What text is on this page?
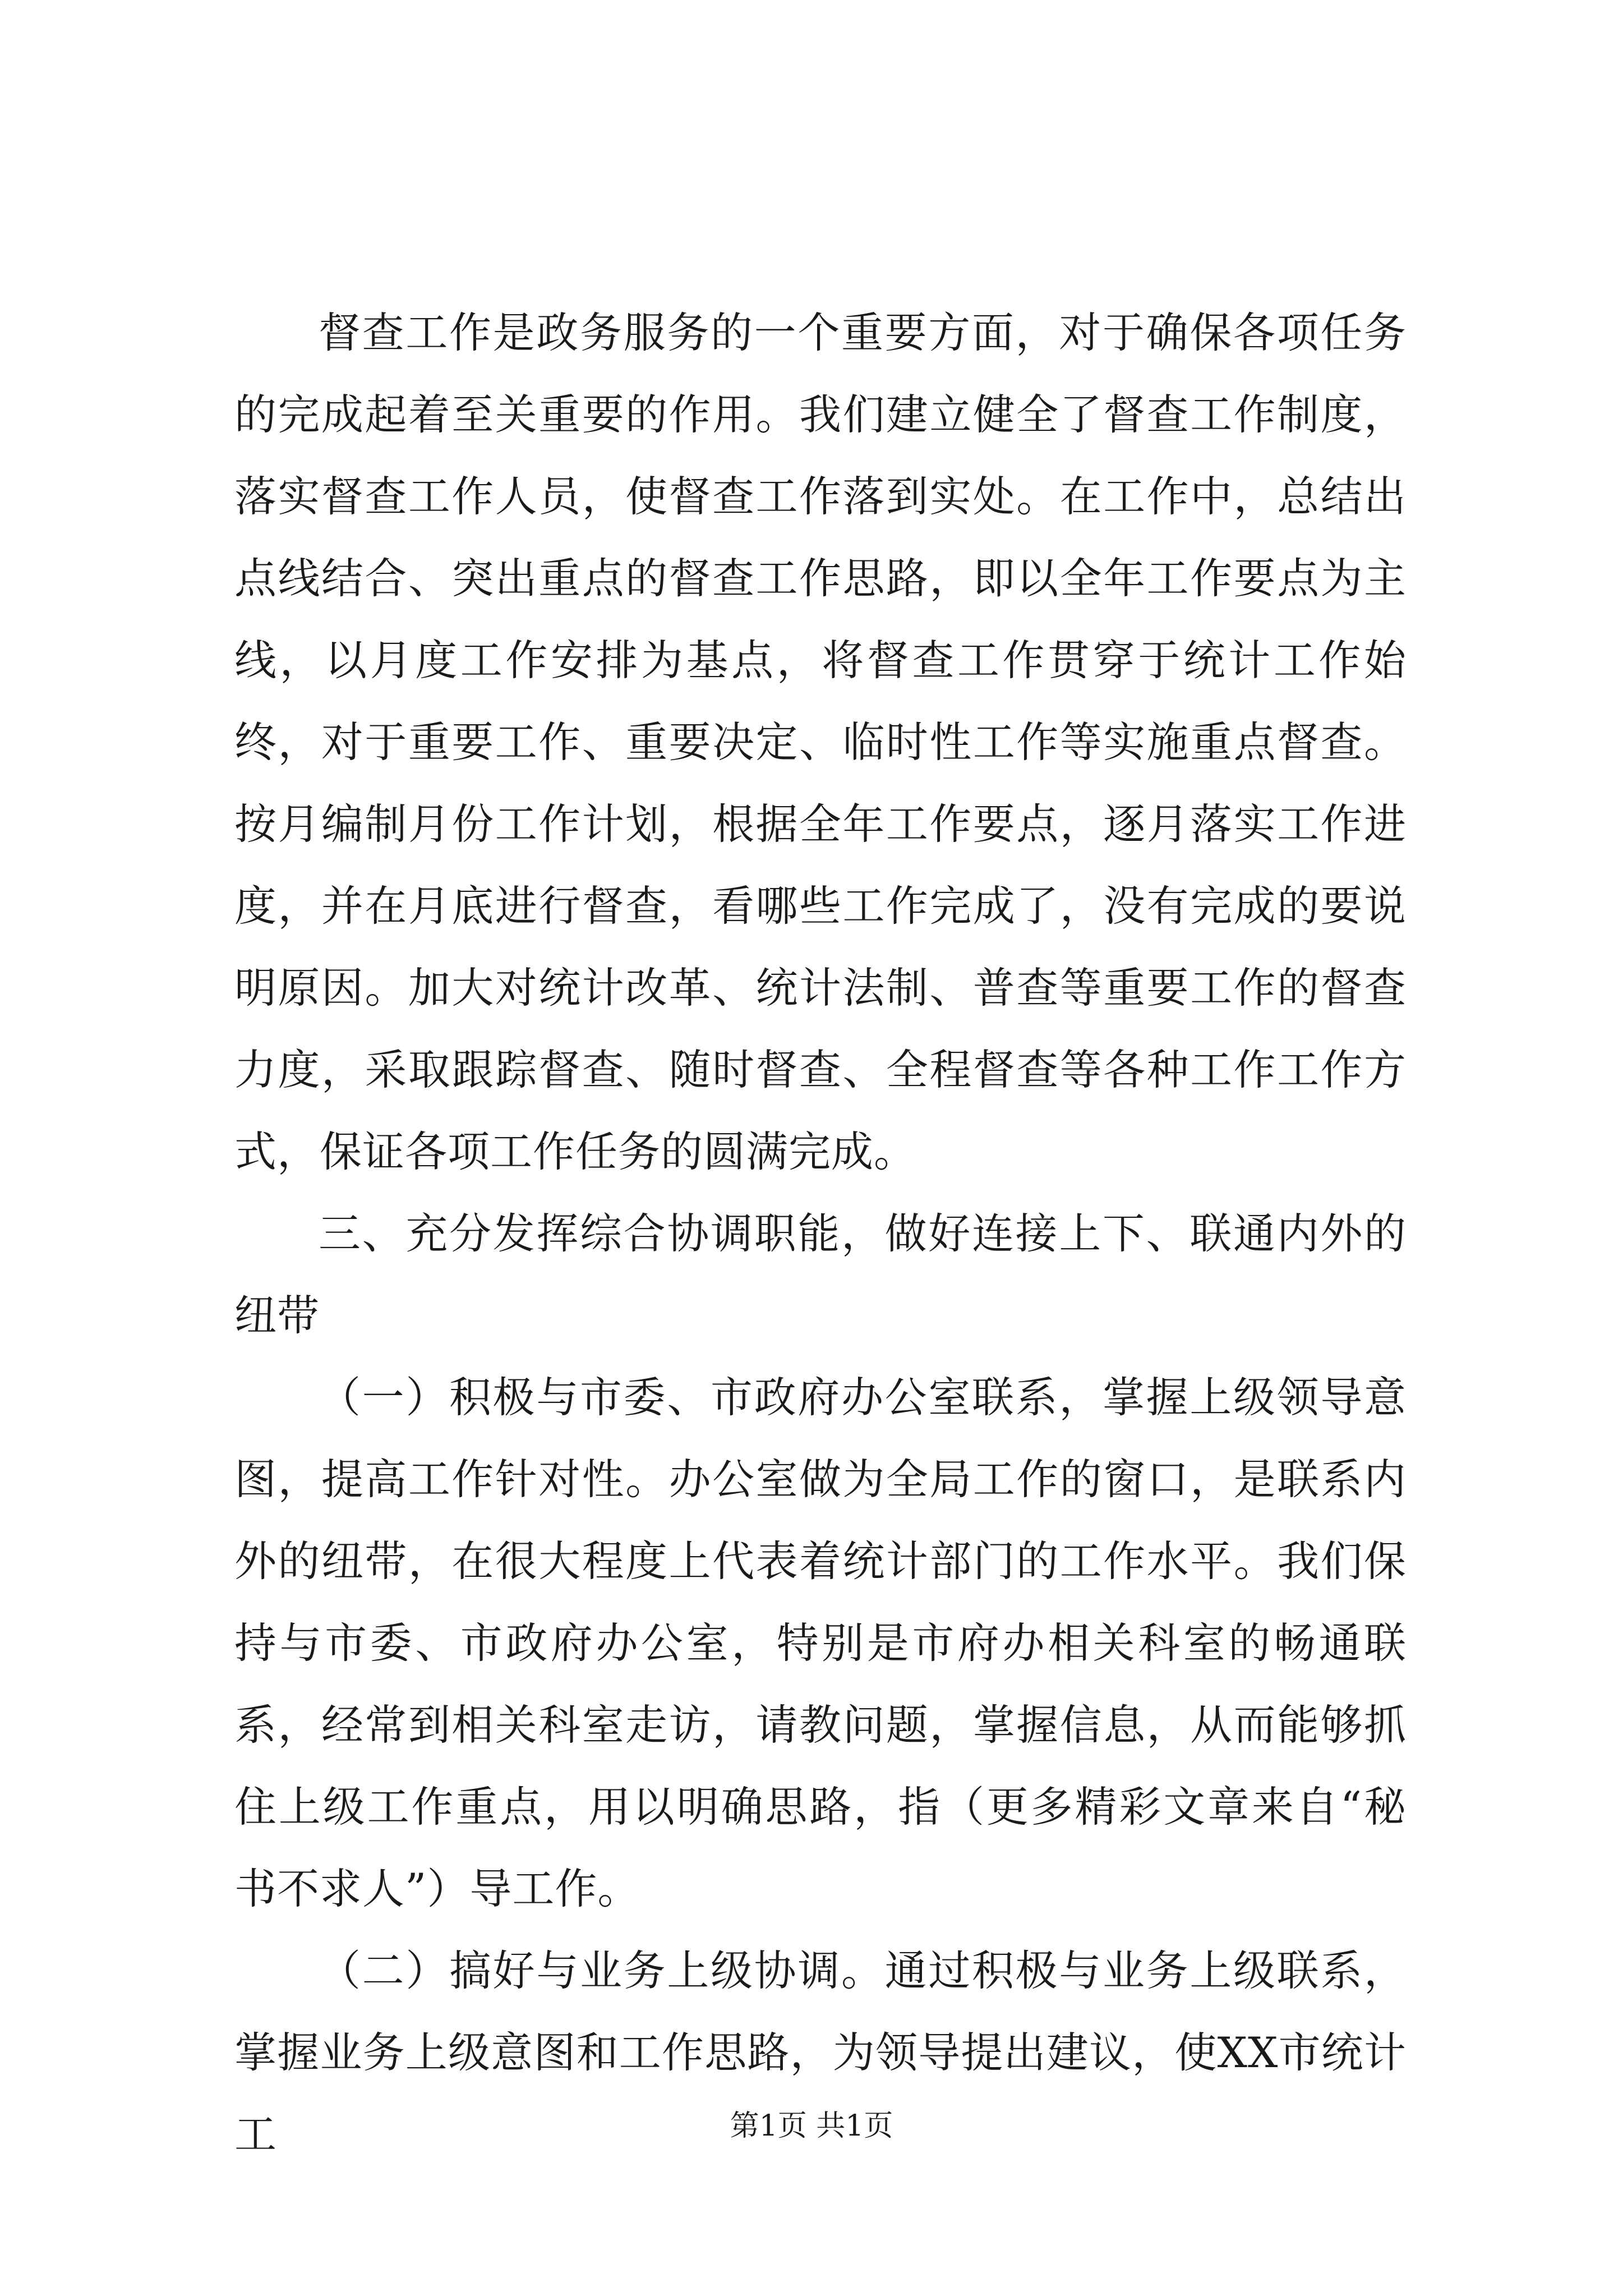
督查工作是政务服务的一个重要方面，对于确保各项任务的完成起着至关重要的作用。我们建立健全了督查工作制度，落实督查工作人员，使督查工作落到实处。在工作中，总结出点线结合、突出重点的督查工作思路，即以全年工作要点为主线，以月度工作安排为基点，将督查工作贯穿于统计工作始终，对于重要工作、重要决定、临时性工作等实施重点督查。按月编制月份工作计划，根据全年工作要点，逐月落实工作进度，并在月底进行督查，看哪些工作完成了，没有完成的要说明原因。加大对统计改革、统计法制、普查等重要工作的督查力度，采取跟踪督查、随时督查、全程督查等各种工作工作方式，保证各项工作任务的圆满完成。

三、充分发挥综合协调职能，做好连接上下、联通内外的纽带

（一）积极与市委、市政府办公室联系，掌握上级领导意图，提高工作针对性。办公室做为全局工作的窗口，是联系内外的纽带，在很大程度上代表着统计部门的工作水平。我们保持与市委、市政府办公室，特别是市府办相关科室的畅通联系，经常到相关科室走访，请教问题，掌握信息，从而能够抓住上级工作重点，用以明确思路，指（更多精彩文章来自“秘书不求人”）导工作。

（二）搞好与业务上级协调。通过积极与业务上级联系，掌握业务上级意图和工作思路，为领导提出建议，使XX市统计工	第1页 共1页
